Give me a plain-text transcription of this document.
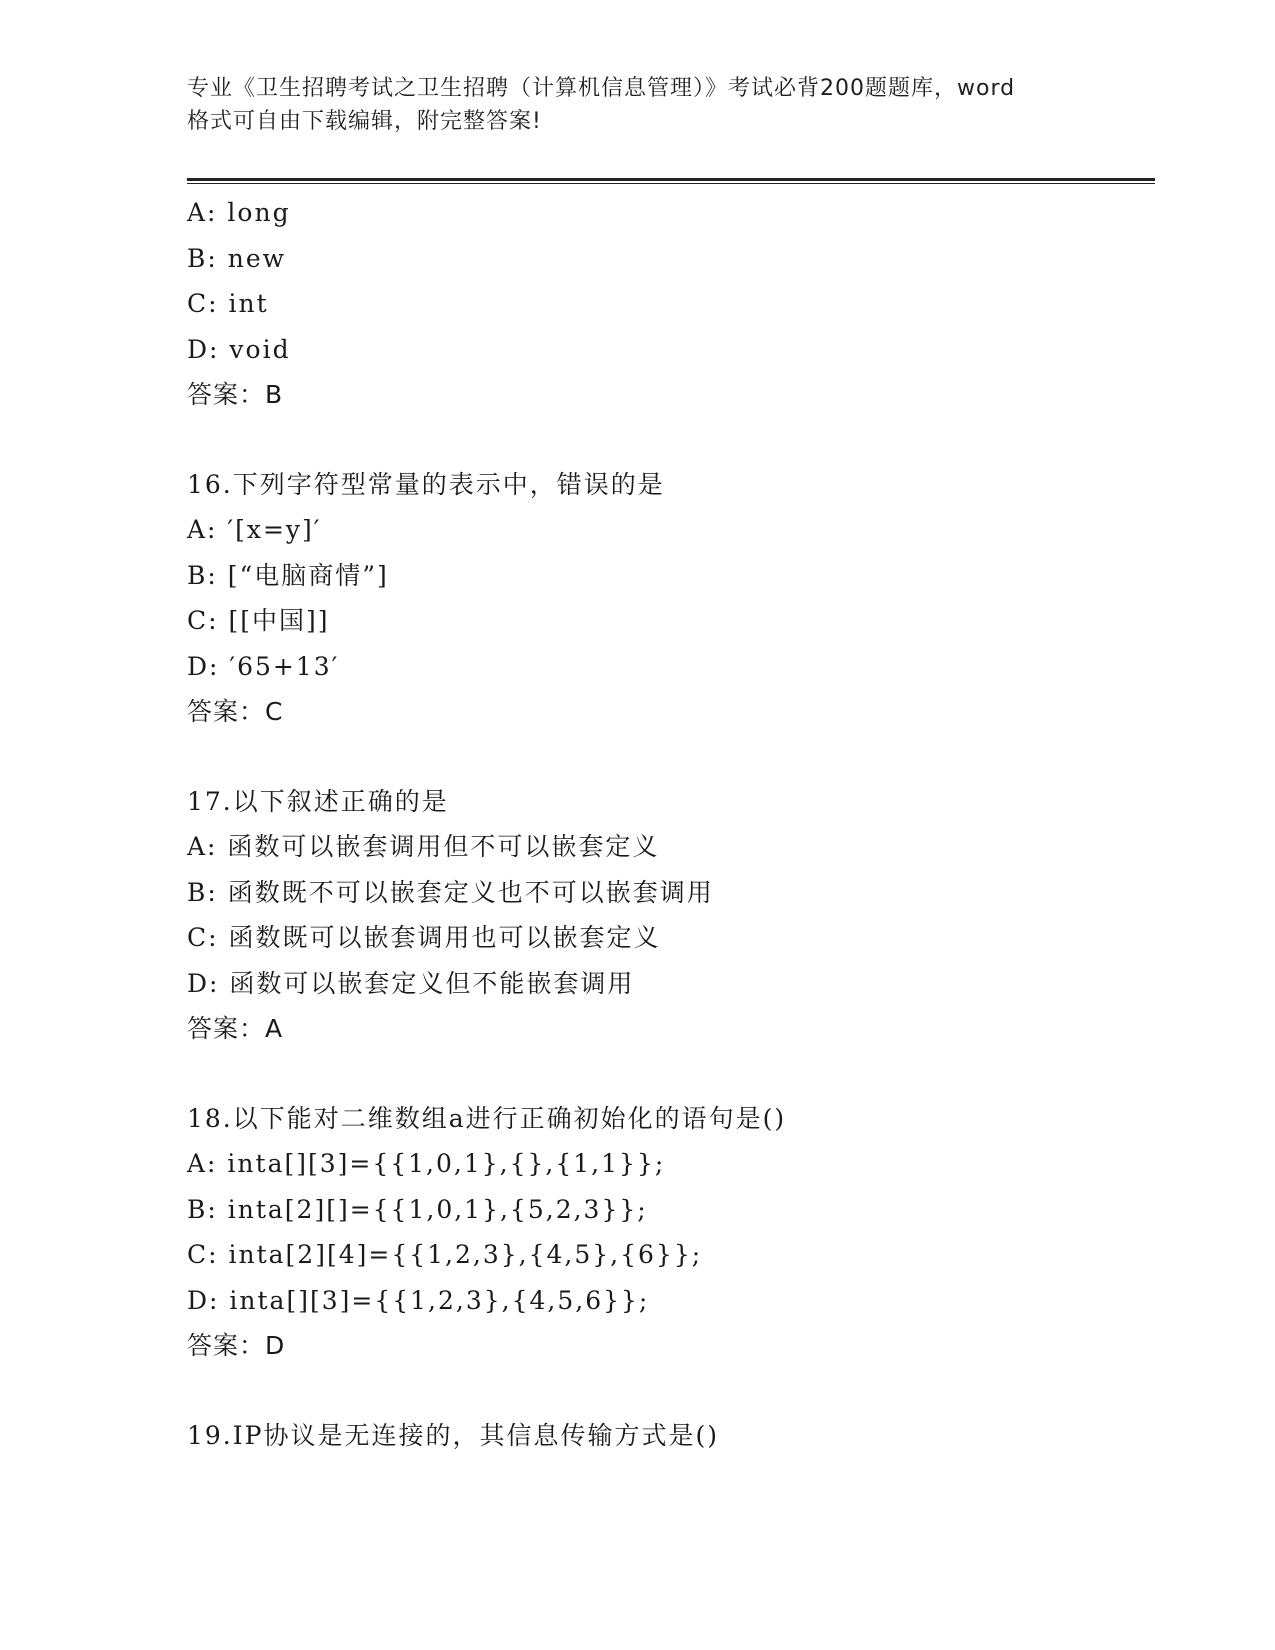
专业《卫生招聘考试之卫生招聘（计算机信息管理）》考试必背200题题库，word
格式可自由下载编辑，附完整答案!
A: long
B: new
C: int
D: void
答案：B
16.下列字符型常量的表示中，错误的是
A: ′[x=y]′
B: [“电脑商情”]
C: [[中国]]
D: ′65+13′
答案：C
17.以下叙述正确的是
A: 函数可以嵌套调用但不可以嵌套定义
B: 函数既不可以嵌套定义也不可以嵌套调用
C: 函数既可以嵌套调用也可以嵌套定义
D: 函数可以嵌套定义但不能嵌套调用
答案：A
18.以下能对二维数组a进行正确初始化的语句是()
A: inta[][3]={{1,0,1},{},{1,1}};
B: inta[2][]={{1,0,1},{5,2,3}};
C: inta[2][4]={{1,2,3},{4,5},{6}};
D: inta[][3]={{1,2,3},{4,5,6}};
答案：D
19.IP协议是无连接的，其信息传输方式是()
